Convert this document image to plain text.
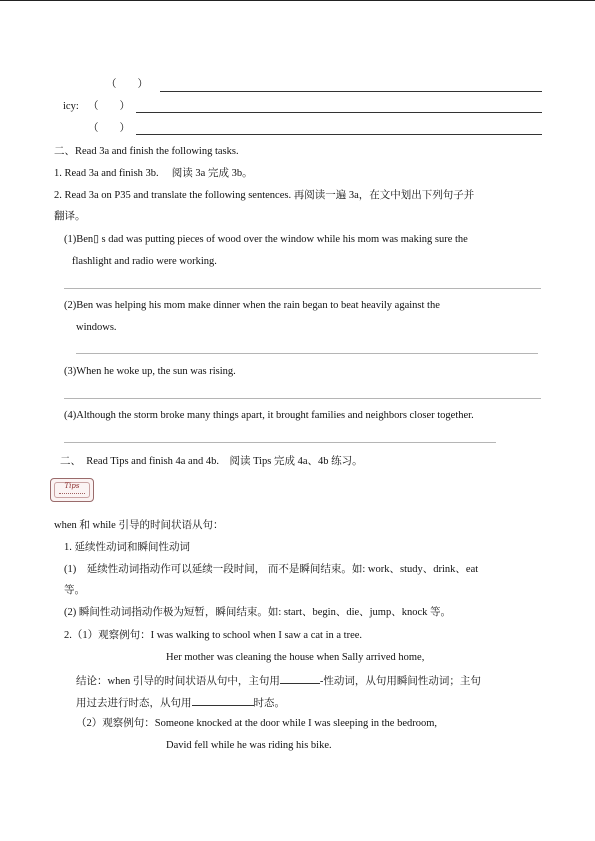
（　　）
icy: （　　）
（　　）
二、Read 3a and finish the following tasks.
1. Read 3a and finish 3b.　 阅读 3a 完成 3b。
2. Read 3a on P35 and translate the following sentences. 再阅读一遍 3a，在文中划出下列句子并
翻译。
(1)Ben▯ s dad was putting pieces of wood over the window while his mom was making sure the
flashlight and radio were working.
(2)Ben was helping his mom make dinner when the rain began to beat heavily against the
windows.
(3)When he woke up, the sun was rising.
(4)Although the storm broke many things apart, it brought families and neighbors closer together.
二、　Read Tips and finish 4a and 4b.　阅读 Tips 完成 4a、4b 练习。
Tips
when 和 while 引导的时间状语从句：
1. 延续性动词和瞬间性动词
(1)　延续性动词指动作可以延续一段时间， 而不是瞬间结束。如: work、study、drink、eat
等。
(2) 瞬间性动词指动作极为短暂，瞬间结束。如: start、begin、die、jump、knock 等。
2.（1）观察例句：I was walking to school when I saw a cat in a tree.
Her mother was cleaning the house when Sally arrived home,
结论：when 引导的时间状语从句中，主句用	-性动词，从句用瞬间性动词；主句
用过去进行时态，从句用	时态。
（2）观察例句：Someone knocked at the door while I was sleeping in the bedroom,
David fell while he was riding his bike.
